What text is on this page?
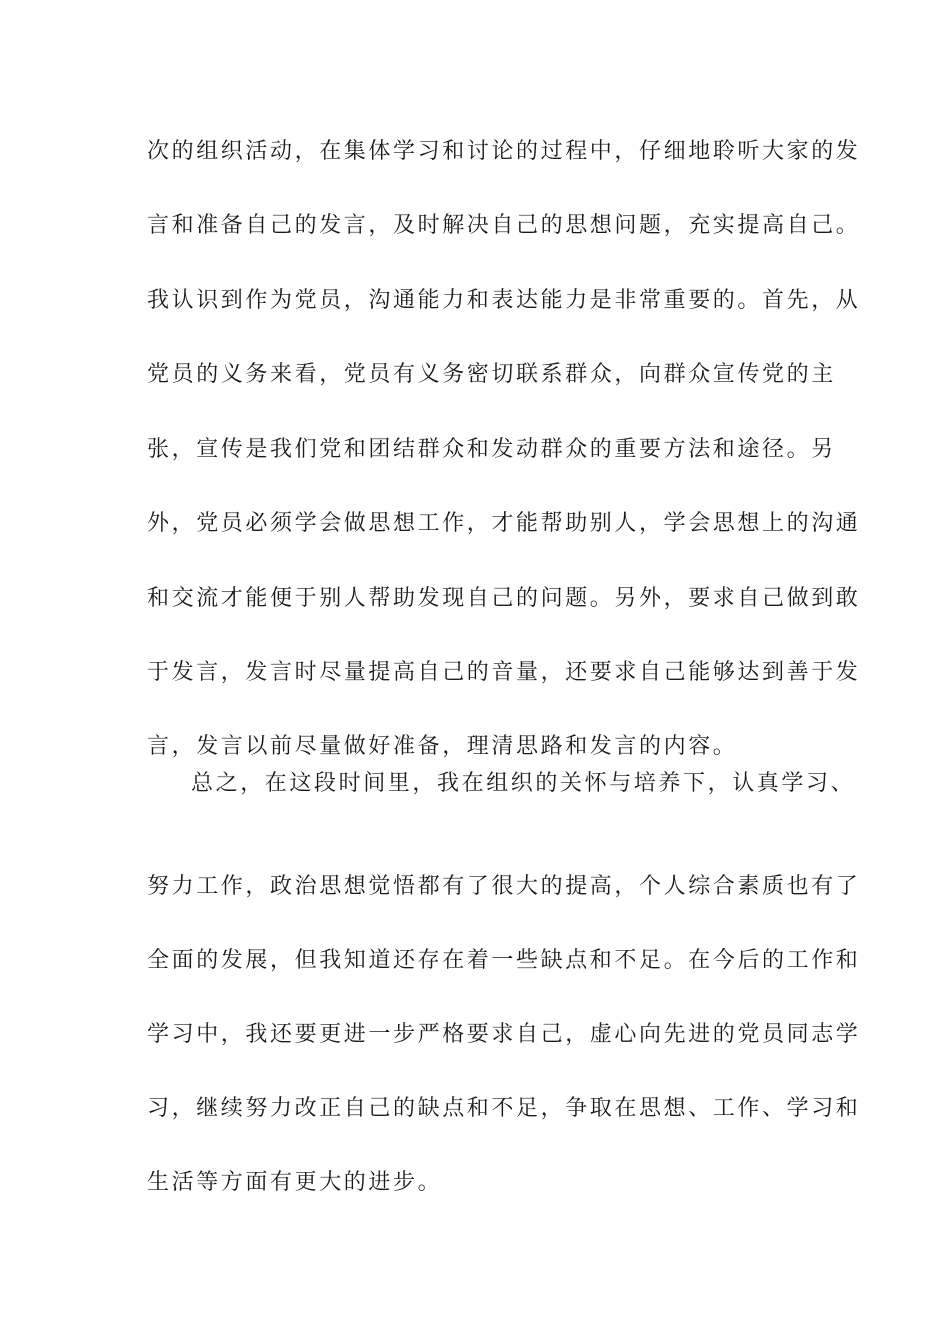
次的组织活动，在集体学习和讨论的过程中，仔细地聆听大家的发
言和准备自己的发言，及时解决自己的思想问题，充实提高自己。
我认识到作为党员，沟通能力和表达能力是非常重要的。首先，从
党员的义务来看，党员有义务密切联系群众，向群众宣传党的主
张，宣传是我们党和团结群众和发动群众的重要方法和途径。另
外，党员必须学会做思想工作，才能帮助别人，学会思想上的沟通
和交流才能便于别人帮助发现自己的问题。另外，要求自己做到敢
于发言，发言时尽量提高自己的音量，还要求自己能够达到善于发
言，发言以前尽量做好准备，理清思路和发言的内容。
总之，在这段时间里，我在组织的关怀与培养下，认真学习、
努力工作，政治思想觉悟都有了很大的提高，个人综合素质也有了
全面的发展，但我知道还存在着一些缺点和不足。在今后的工作和
学习中，我还要更进一步严格要求自己，虚心向先进的党员同志学
习，继续努力改正自己的缺点和不足，争取在思想、工作、学习和
生活等方面有更大的进步。
